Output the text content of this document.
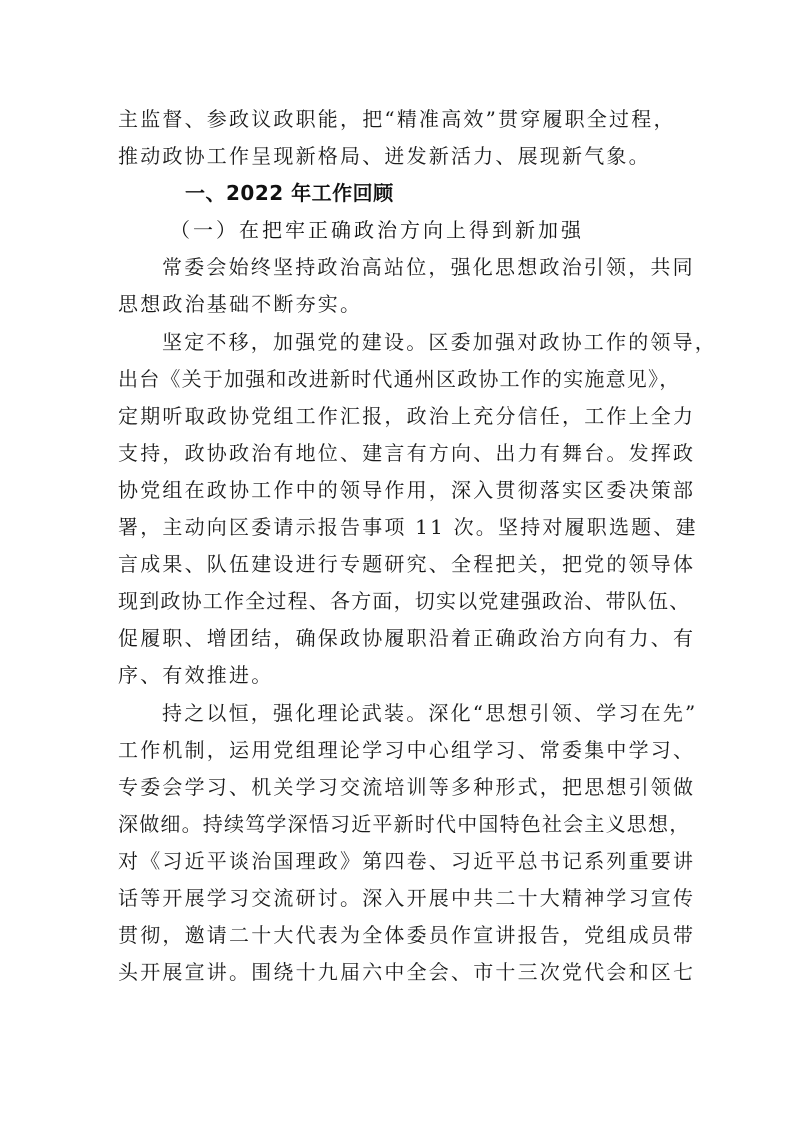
主监督、参政议政职能，把“精准高效”贯穿履职全过程，
推动政协工作呈现新格局、迸发新活力、展现新气象。
一、2022 年工作回顾
（一）在把牢正确政治方向上得到新加强
常委会始终坚持政治高站位，强化思想政治引领，共同
思想政治基础不断夯实。
坚定不移，加强党的建设。区委加强对政协工作的领导，
出台《关于加强和改进新时代通州区政协工作的实施意见》，
定期听取政协党组工作汇报，政治上充分信任，工作上全力
支持，政协政治有地位、建言有方向、出力有舞台。发挥政
协党组在政协工作中的领导作用，深入贯彻落实区委决策部
署，主动向区委请示报告事项 11 次。坚持对履职选题、建
言成果、队伍建设进行专题研究、全程把关，把党的领导体
现到政协工作全过程、各方面，切实以党建强政治、带队伍、
促履职、增团结，确保政协履职沿着正确政治方向有力、有
序、有效推进。
持之以恒，强化理论武装。深化“思想引领、学习在先”
工作机制，运用党组理论学习中心组学习、常委集中学习、
专委会学习、机关学习交流培训等多种形式，把思想引领做
深做细。持续笃学深悟习近平新时代中国特色社会主义思想，
对《习近平谈治国理政》第四卷、习近平总书记系列重要讲
话等开展学习交流研讨。深入开展中共二十大精神学习宣传
贯彻，邀请二十大代表为全体委员作宣讲报告，党组成员带
头开展宣讲。围绕十九届六中全会、市十三次党代会和区七
